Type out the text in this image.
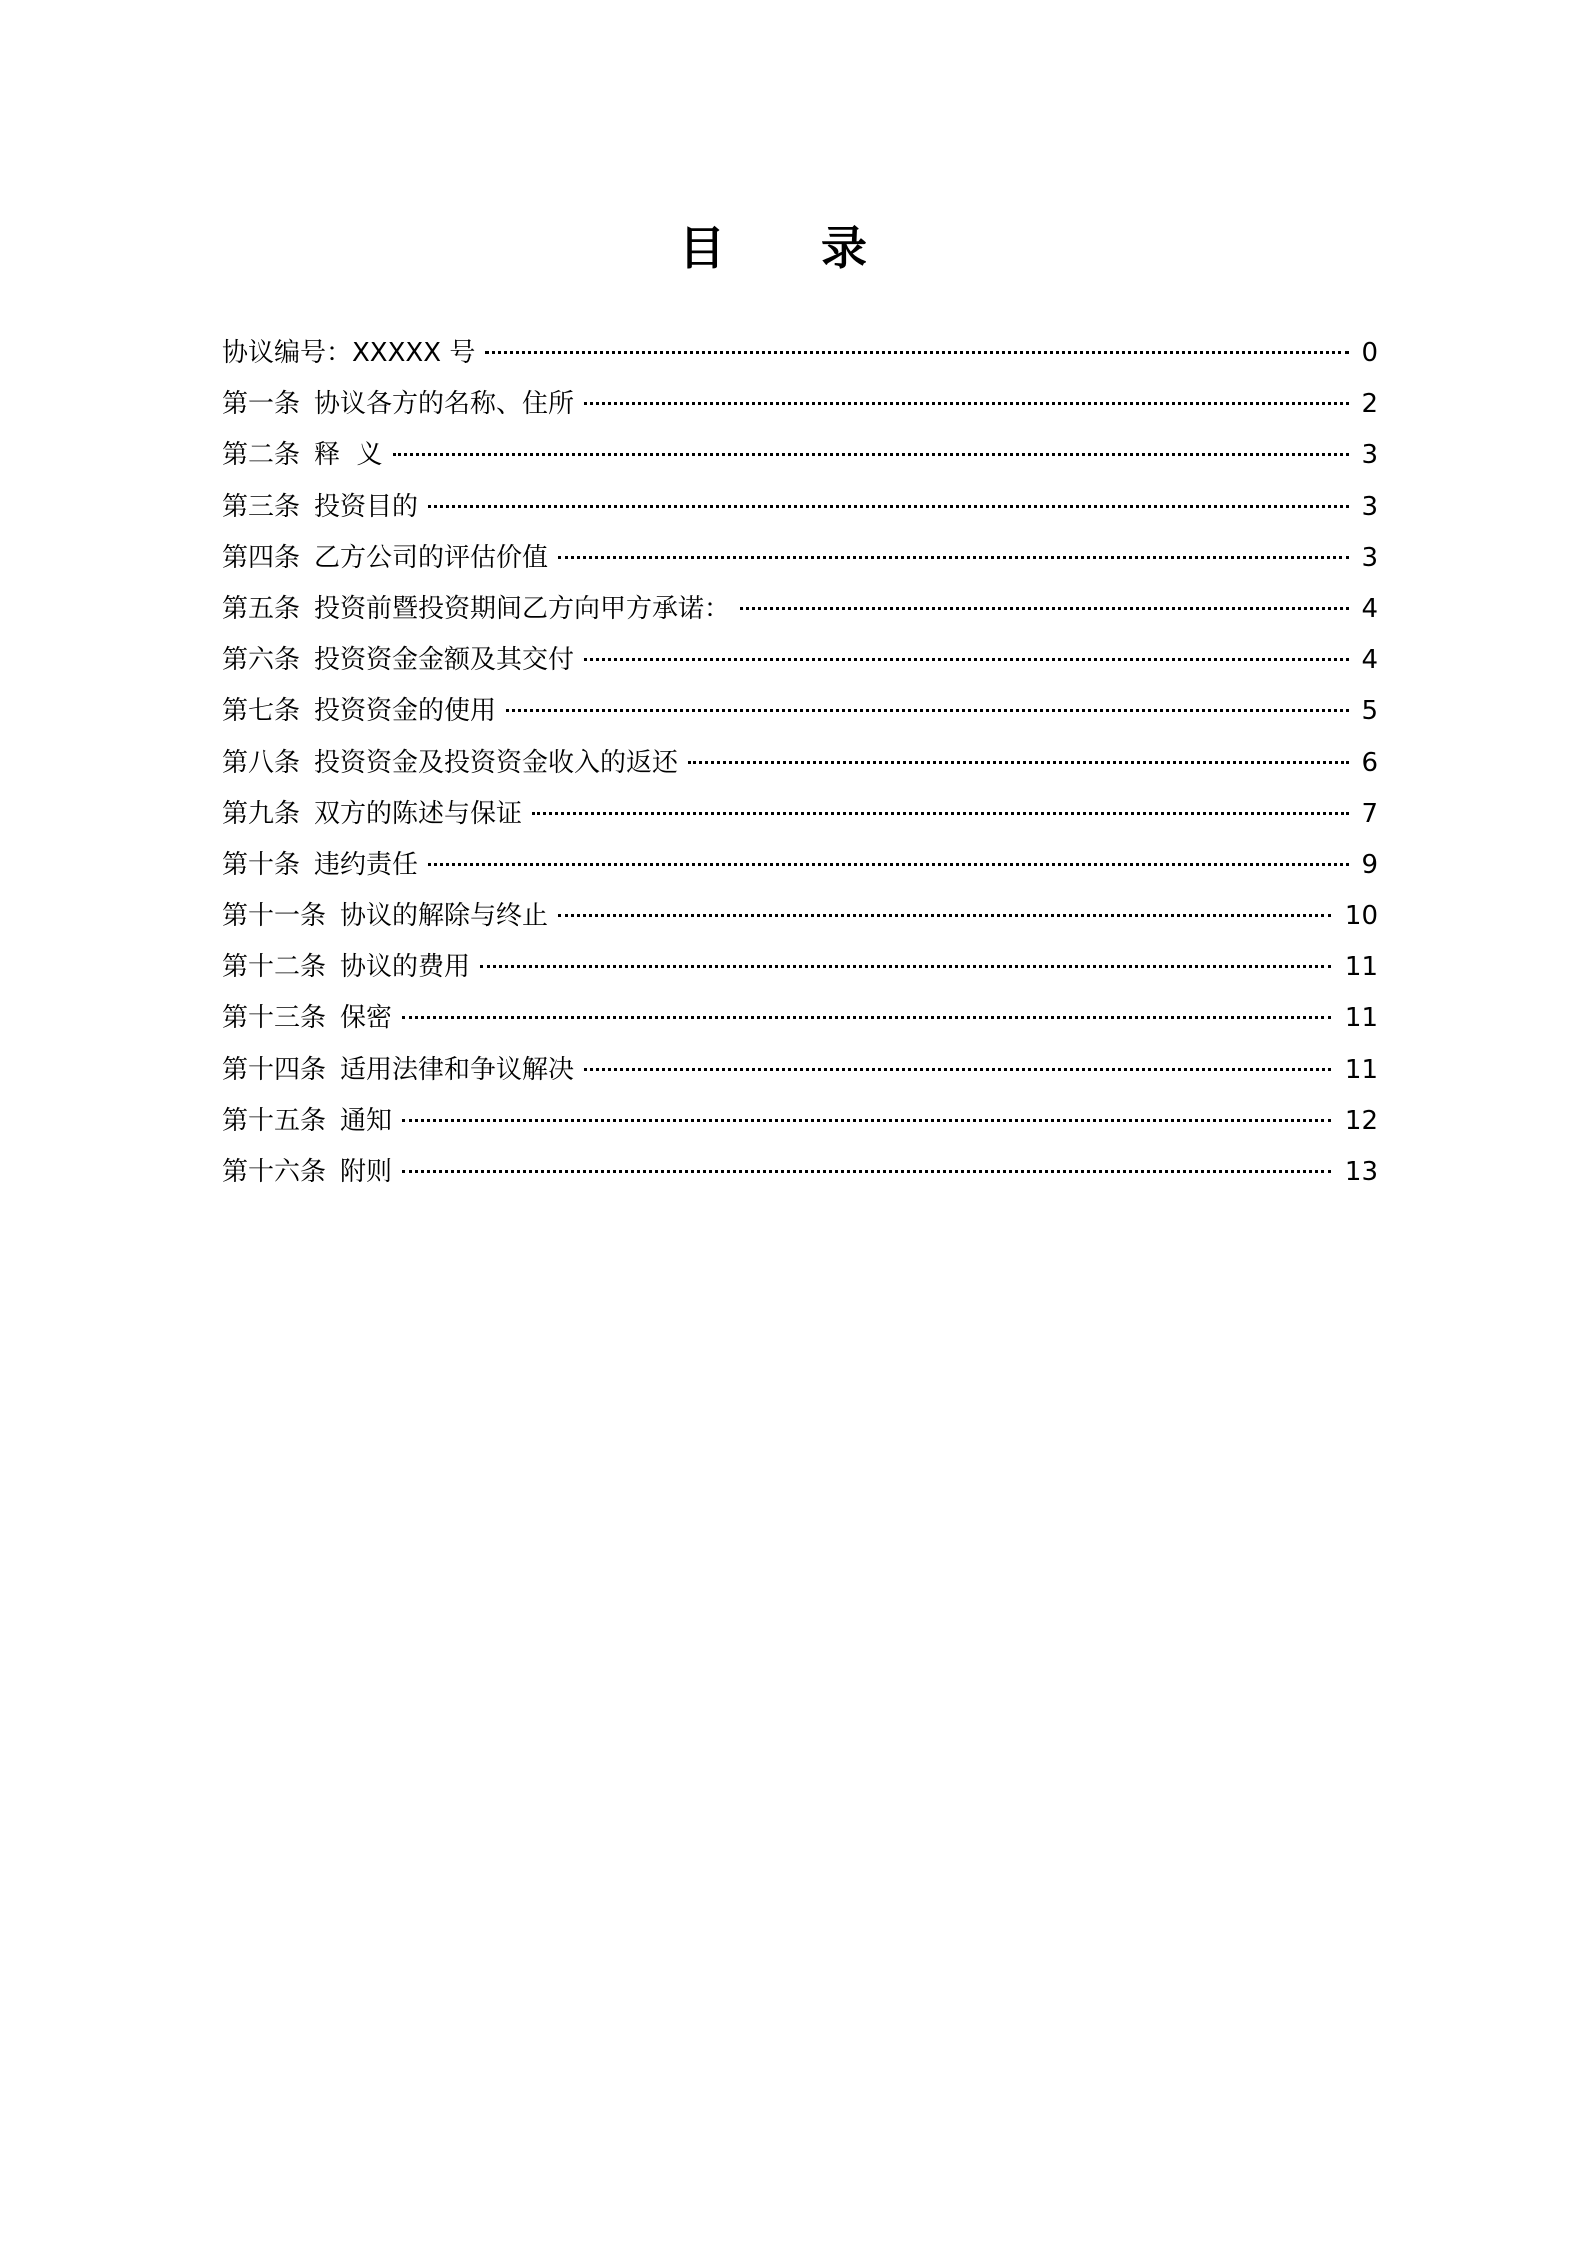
目 录
协议编号：XXXXX 号	0
第一条 协议各方的名称、住所	2
第二条 释  义	3
第三条 投资目的	3
第四条 乙方公司的评估价值	3
第五条 投资前暨投资期间乙方向甲方承诺：	4
第六条 投资资金金额及其交付	4
第七条 投资资金的使用	5
第八条 投资资金及投资资金收入的返还	6
第九条 双方的陈述与保证	7
第十条 违约责任	9
第十一条 协议的解除与终止	10
第十二条 协议的费用	11
第十三条 保密	11
第十四条 适用法律和争议解决	11
第十五条 通知	12
第十六条 附则	13
